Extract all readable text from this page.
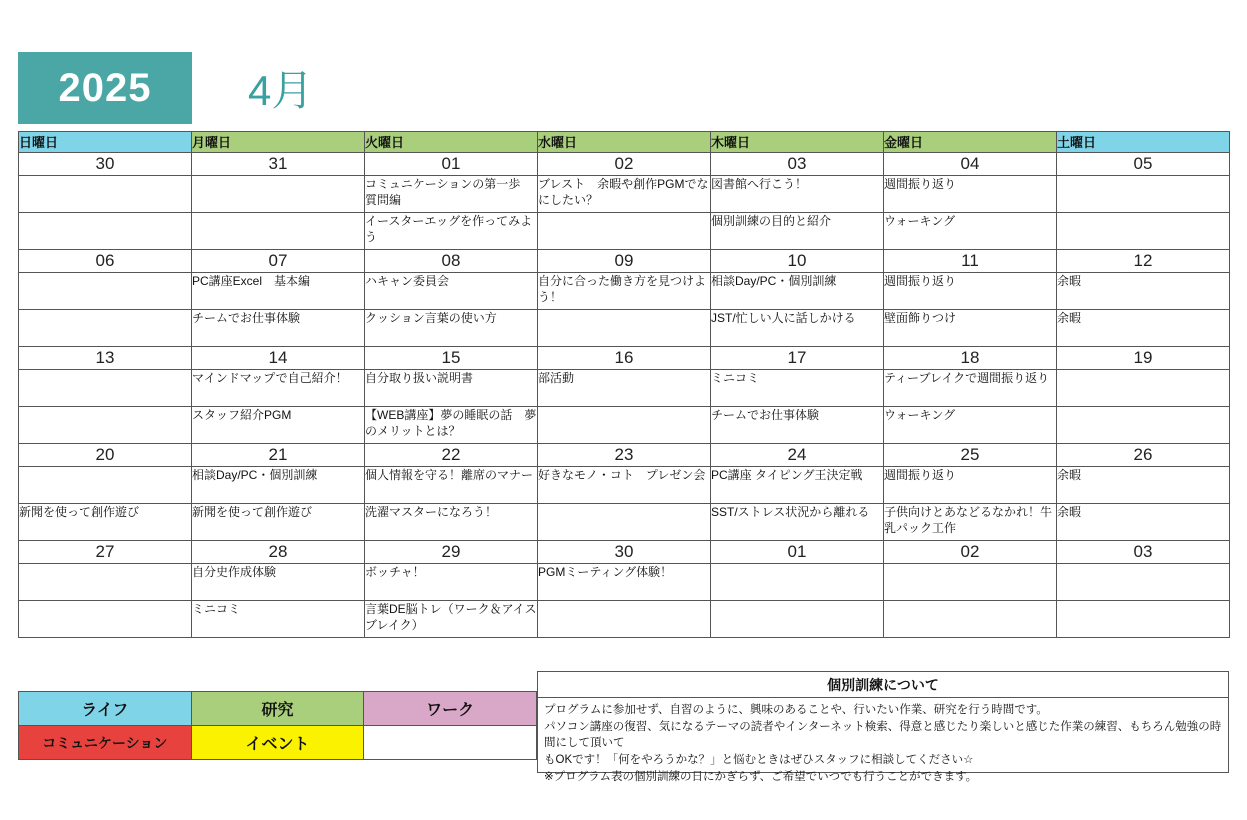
2025 4月
日曜日	月曜日	火曜日	水曜日	木曜日	金曜日	土曜日
30	31	01	02	03	04	05
		コミュニケーションの第一歩　質問編	ブレスト　余暇や創作PGMでなにしたい？	図書館へ行こう！	週間振り返り	
		イースターエッグを作ってみよう		個別訓練の目的と紹介	ウォーキング	
06	07	08	09	10	11	12
	PC講座Excel　基本編	ハキャン委員会	自分に合った働き方を見つけよう！	相談Day/PC・個別訓練	週間振り返り	余暇
	チームでお仕事体験	クッション言葉の使い方		JST/忙しい人に話しかける	壁面飾りつけ	余暇
13	14	15	16	17	18	19
	マインドマップで自己紹介！	自分取り扱い説明書	部活動	ミニコミ	ティーブレイクで週間振り返り	
	スタッフ紹介PGM	【WEB講座】夢の睡眠の話　夢のメリットとは？		チームでお仕事体験	ウォーキング	
20	21	22	23	24	25	26
	相談Day/PC・個別訓練	個人情報を守る！離席のマナー	好きなモノ・コト　プレゼン会	PC講座 タイピング王決定戦	週間振り返り	余暇
新聞を使って創作遊び	新聞を使って創作遊び	洗濯マスターになろう！		SST/ストレス状況から離れる	子供向けとあなどるなかれ！牛乳パック工作	余暇
27	28	29	30	01	02	03
	自分史作成体験	ボッチャ！	PGMミーティング体験！			
	ミニコミ	言葉DE脳トレ（ワーク＆アイスブレイク）				
ライフ	研究	ワーク
コミュニケーション	イベント	
個別訓練について

プログラムに参加せず、自習のように、興味のあることや、行いたい作業、研究を行う時間です。

パソコン講座の復習、気になるテーマの読者やインターネット検索、得意と感じたり楽しいと感じた作業の練習、もちろん勉強の時間にして頂いて

もOKです！「何をやろうかな？」と悩むときはぜひスタッフに相談してください☆

※プログラム表の個別訓練の日にかぎらず、ご希望でいつでも行うことができます。
